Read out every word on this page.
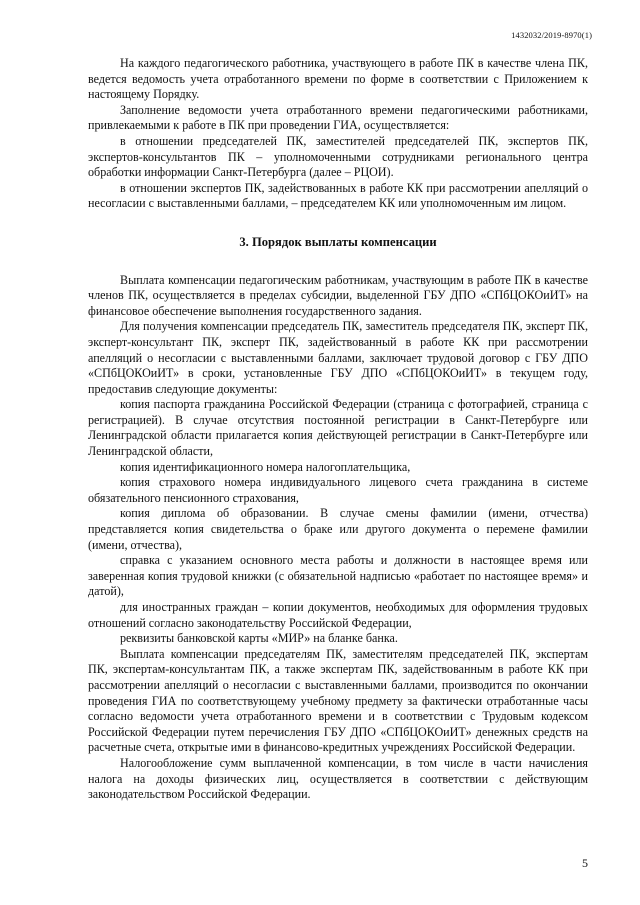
1432032/2019-8970(1)

На каждого педагогического работника, участвующего в работе ПК в качестве члена ПК, ведется ведомость учета отработанного времени по форме в соответствии с Приложением к настоящему Порядку.

Заполнение ведомости учета отработанного времени педагогическими работниками, привлекаемыми к работе в ПК при проведении ГИА, осуществляется:

в отношении председателей ПК, заместителей председателей ПК, экспертов ПК, экспертов-консультантов ПК – уполномоченными сотрудниками регионального центра обработки информации Санкт-Петербурга (далее – РЦОИ).

в отношении экспертов ПК, задействованных в работе КК при рассмотрении апелляций о несогласии с выставленными баллами, – председателем КК или уполномоченным им лицом.

3. Порядок выплаты компенсации

Выплата компенсации педагогическим работникам, участвующим в работе ПК в качестве членов ПК, осуществляется в пределах субсидии, выделенной ГБУ ДПО «СПбЦОКОиИТ» на финансовое обеспечение выполнения государственного задания.

Для получения компенсации председатель ПК, заместитель председателя ПК, эксперт ПК, эксперт-консультант ПК, эксперт ПК, задействованный в работе КК при рассмотрении апелляций о несогласии с выставленными баллами, заключает трудовой договор с ГБУ ДПО «СПбЦОКОиИТ» в сроки, установленные ГБУ ДПО «СПбЦОКОиИТ» в текущем году, предоставив следующие документы:

копия паспорта гражданина Российской Федерации (страница с фотографией, страница с регистрацией). В случае отсутствия постоянной регистрации в Санкт-Петербурге или Ленинградской области прилагается копия действующей регистрации в Санкт-Петербурге или Ленинградской области,

копия идентификационного номера налогоплательщика,

копия страхового номера индивидуального лицевого счета гражданина в системе обязательного пенсионного страхования,

копия диплома об образовании. В случае смены фамилии (имени, отчества) представляется копия свидетельства о браке или другого документа о перемене фамилии (имени, отчества),

справка с указанием основного места работы и должности в настоящее время или заверенная копия трудовой книжки (с обязательной надписью «работает по настоящее время» и датой),

для иностранных граждан – копии документов, необходимых для оформления трудовых отношений согласно законодательству Российской Федерации,

реквизиты банковской карты «МИР» на бланке банка.

Выплата компенсации председателям ПК, заместителям председателей ПК, экспертам ПК, экспертам-консультантам ПК, а также экспертам ПК, задействованным в работе КК при рассмотрении апелляций о несогласии с выставленными баллами, производится по окончании проведения ГИА по соответствующему учебному предмету за фактически отработанные часы согласно ведомости учета отработанного времени и в соответствии с Трудовым кодексом Российской Федерации путем перечисления ГБУ ДПО «СПбЦОКОиИТ» денежных средств на расчетные счета, открытые ими в финансово-кредитных учреждениях Российской Федерации.

Налогообложение сумм выплаченной компенсации, в том числе в части начисления налога на доходы физических лиц, осуществляется в соответствии с действующим законодательством Российской Федерации.

5
